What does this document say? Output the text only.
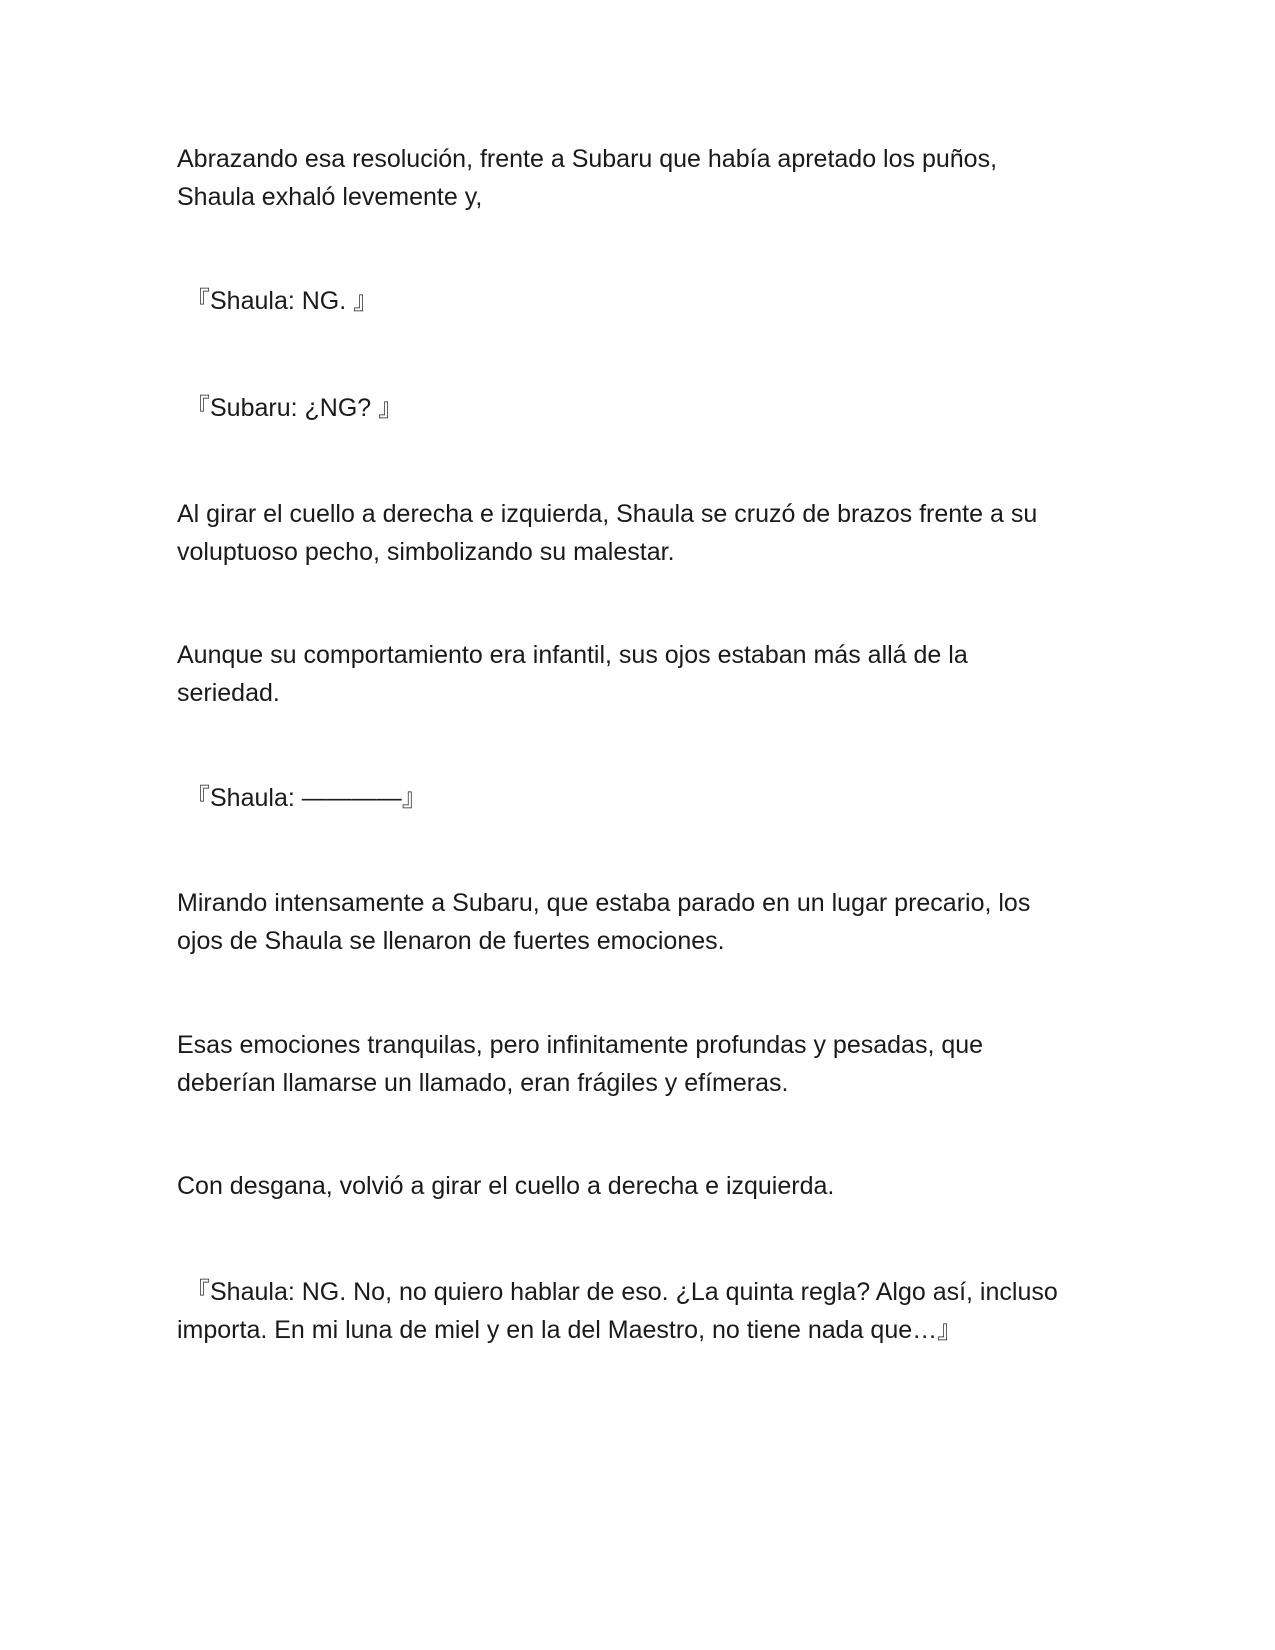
Abrazando esa resolución, frente a Subaru que había apretado los puños,
Shaula exhaló levemente y,

『Shaula: NG. 』

『Subaru: ¿NG? 』

Al girar el cuello a derecha e izquierda, Shaula se cruzó de brazos frente a su
voluptuoso pecho, simbolizando su malestar.

Aunque su comportamiento era infantil, sus ojos estaban más allá de la
seriedad.

『Shaula: ————』

Mirando intensamente a Subaru, que estaba parado en un lugar precario, los
ojos de Shaula se llenaron de fuertes emociones.

Esas emociones tranquilas, pero infinitamente profundas y pesadas, que
deberían llamarse un llamado, eran frágiles y efímeras.

Con desgana, volvió a girar el cuello a derecha e izquierda.

『Shaula: NG. No, no quiero hablar de eso. ¿La quinta regla? Algo así, incluso
importa. En mi luna de miel y en la del Maestro, no tiene nada que…』
